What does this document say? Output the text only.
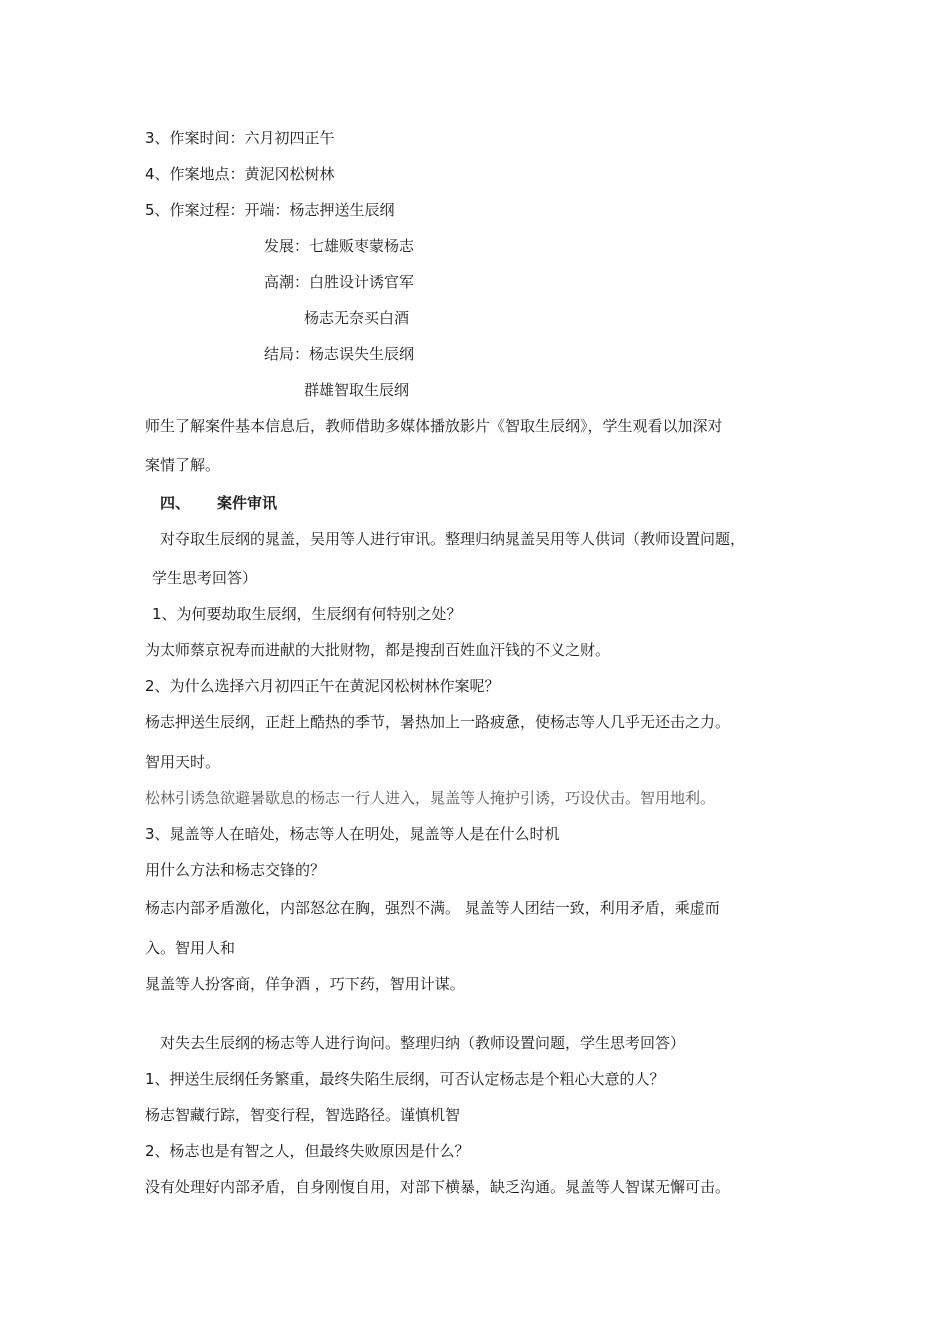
3、作案时间：六月初四正午
4、作案地点：黄泥冈松树林
5、作案过程：开端：杨志押送生辰纲
发展：七雄贩枣蒙杨志
高潮：白胜设计诱官军
杨志无奈买白酒
结局：杨志误失生辰纲
群雄智取生辰纲
师生了解案件基本信息后，教师借助多媒体播放影片《智取生辰纲》，学生观看以加深对
案情了解。
四、 案件审讯
对夺取生辰纲的晁盖，吴用等人进行审讯。整理归纳晁盖吴用等人供词（教师设置问题，
学生思考回答）
1、为何要劫取生辰纲，生辰纲有何特别之处？
为太师蔡京祝寿而进献的大批财物，都是搜刮百姓血汗钱的不义之财。
2、为什么选择六月初四正午在黄泥冈松树林作案呢？
杨志押送生辰纲，正赶上酷热的季节，暑热加上一路疲惫，使杨志等人几乎无还击之力。
智用天时。
松林引诱急欲避暑歇息的杨志一行人进入，晁盖等人掩护引诱，巧设伏击。智用地利。
3、晁盖等人在暗处，杨志等人在明处，晁盖等人是在什么时机
用什么方法和杨志交锋的？
杨志内部矛盾激化，内部怒忿在胸，强烈不满。 晁盖等人团结一致，利用矛盾，乘虚而
入。智用人和
晁盖等人扮客商，佯争酒 ，巧下药，智用计谋。
对失去生辰纲的杨志等人进行询问。整理归纳（教师设置问题，学生思考回答）
1、押送生辰纲任务繁重，最终失陷生辰纲，可否认定杨志是个粗心大意的人？
杨志智藏行踪，智变行程，智选路径。谨慎机智
2、杨志也是有智之人，但最终失败原因是什么？
没有处理好内部矛盾，自身刚愎自用，对部下横暴，缺乏沟通。晁盖等人智谋无懈可击。
